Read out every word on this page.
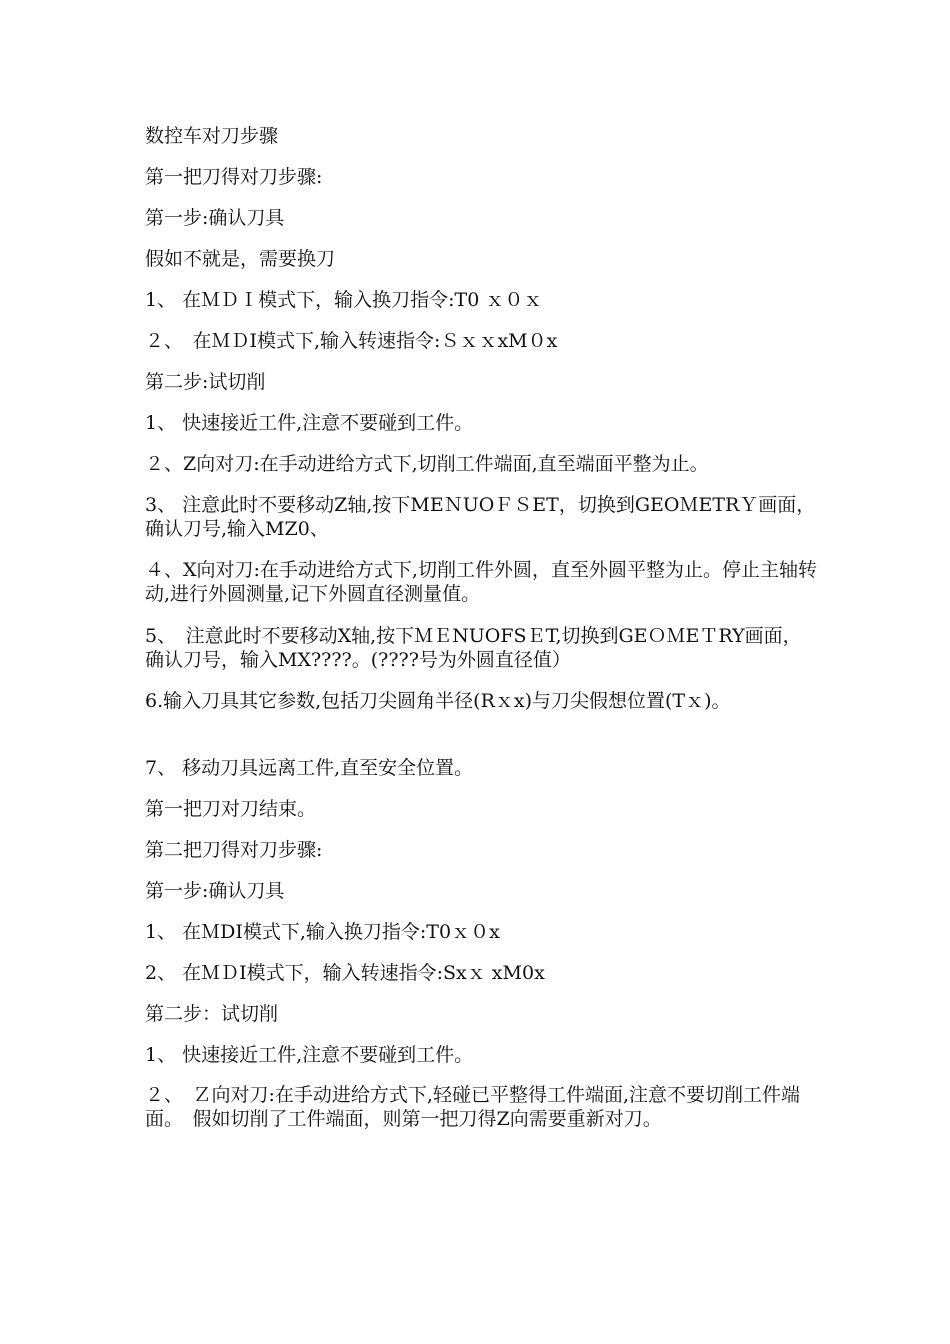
数控车对刀步骤

第一把刀得对刀步骤:

第一步:确认刀具

假如不就是，需要换刀

1、 在ＭＤＩ模式下，输入换刀指令:T0 ｘ０ｘ

２、　在ＭＤI模式下,输入转速指令:ＳｘｘxM０x

第二步:试切削

1、 快速接近工件,注意不要碰到工件。

２、Z向对刀:在手动进给方式下,切削工件端面,直至端面平整为止。

3、 注意此时不要移动Z轴,按下MEＮUOＦＳET，切换到GEOＭETRＹ画面，　确认刀号,输入MZ0、

４、X向对刀:在手动进给方式下,切削工件外圆，直至外圆平整为止。停止主轴转动,进行外圆测量,记下外圆直径测量值。

5、　注意此时不要移动X轴,按下ＭＥNUOFSＥT,切换到GEＯＭEＴRY画面， 确认刀号，输入MX????。(????号为外圆直径值）

6.输入刀具其它参数,包括刀尖圆角半径(Rｘx)与刀尖假想位置(Tｘ)。

7、 移动刀具远离工件,直至安全位置。

第一把刀对刀结束。

第二把刀得对刀步骤:

第一步:确认刀具

1、 在ＭDI模式下,输入换刀指令:T0ｘ０x

2、 在ＭＤI模式下，输入转速指令:Sxｘ xM0x

第二步：试切削

1、 快速接近工件,注意不要碰到工件。

２、　Ｚ向对刀:在手动进给方式下,轻碰已平整得工件端面,注意不要切削工件端面。　假如切削了工件端面，则第一把刀得Z向需要重新对刀。
